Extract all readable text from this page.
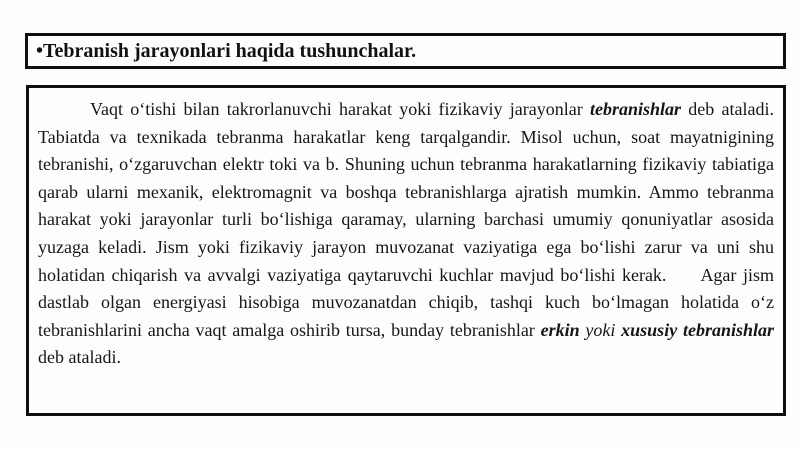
•Tebranish jarayonlari haqida tushunchalar.

Vaqt o‘tishi bilan takrorlanuvchi harakat yoki fizikaviy jarayonlar tebranishlar deb ataladi. Tabiatda va texnikada tebranma harakatlar keng tarqalgandir. Misol uchun, soat mayatnigining tebranishi, o‘zgaruvchan elektr toki va b. Shuning uchun tebranma harakatlarning fizikaviy tabiatiga qarab ularni mexanik, elektromagnit va boshqa tebranishlarga ajratish mumkin. Ammo tebranma harakat yoki jarayonlar turli bo‘lishiga qaramay, ularning barchasi umumiy qonuniyatlar asosida yuzaga keladi. Jism yoki fizikaviy jarayon muvozanat vaziyatiga ega bo‘lishi zarur va uni shu holatidan chiqarish va avvalgi vaziyatiga qaytaruvchi kuchlar mavjud bo‘lishi kerak. Agar jism dastlab olgan energiyasi hisobiga muvozanatdan chiqib, tashqi kuch bo‘lmagan holatida o‘z tebranishlarini ancha vaqt amalga oshirib tursa, bunday tebranishlar erkin yoki xususiy tebranishlar deb ataladi.
